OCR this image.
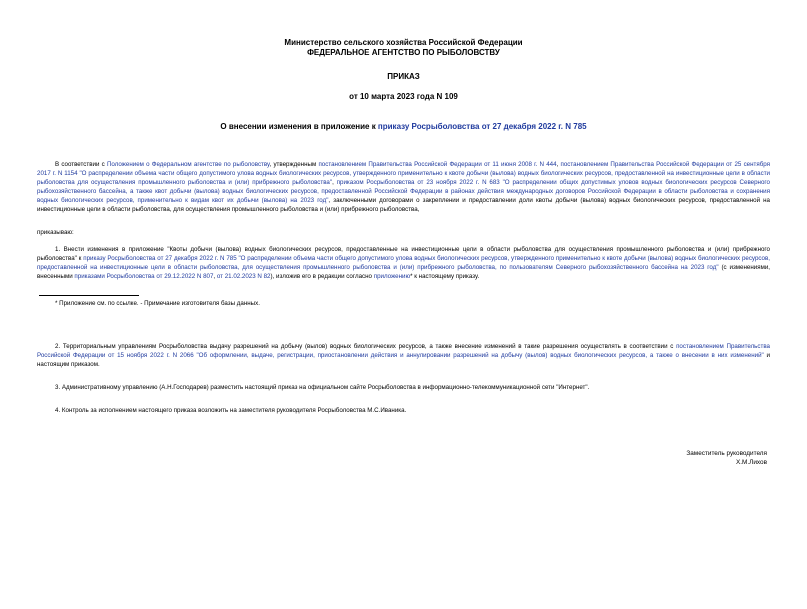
Министерство сельского хозяйства Российской Федерации
ФЕДЕРАЛЬНОЕ АГЕНТСТВО ПО РЫБОЛОВСТВУ
ПРИКАЗ
от 10 марта 2023 года N 109
О внесении изменения в приложение к приказу Росрыболовства от 27 декабря 2022 г. N 785

В соответствии с Положением о Федеральном агентстве по рыболовству, утвержденным постановлением Правительства Российской Федерации от 11 июня 2008 г. N 444, постановлением Правительства Российской Федерации от 25 сентября 2017 г. N 1154 "О распределении объема части общего допустимого улова водных биологических ресурсов, утвержденного применительно к квоте добычи (вылова) водных биологических ресурсов, предоставленной на инвестиционные цели в области рыболовства для осуществления промышленного рыболовства и (или) прибрежного рыболовства", приказом Росрыболовства от 23 ноября 2022 г. N 683 "О распределении общих допустимых уловов водных биологических ресурсов Северного рыбохозяйственного бассейна, а также квот добычи (вылова) водных биологических ресурсов, предоставленной Российской Федерации в районах действия международных договоров Российской Федерации в области рыболовства и сохранения водных биологических ресурсов, применительно к видам квот их добычи (вылова) на 2023 год", заключенными договорами о закреплении и предоставлении доли квоты добычи (вылова) водных биологических ресурсов, предоставленной на инвестиционные цели в области рыболовства, для осуществления промышленного рыболовства и (или) прибрежного рыболовства,

приказываю:

1. Внести изменения в приложение "Квоты добычи (вылова) водных биологических ресурсов, предоставленные на инвестиционные цели в области рыболовства для осуществления промышленного рыболовства и (или) прибрежного рыболовства" к приказу Росрыболовства от 27 декабря 2022 г. N 785 "О распределении объема части общего допустимого улова водных биологических ресурсов, утвержденного применительно к квоте добычи (вылова) водных биологических ресурсов, предоставленной на инвестиционные цели в области рыболовства, для осуществления промышленного рыболовства и (или) прибрежного рыболовства, по пользователям Северного рыбохозяйственного бассейна на 2023 год" (с изменениями, внесенными приказами Росрыболовства от 29.12.2022 N 807, от 21.02.2023 N 82), изложив его в редакции согласно приложению* к настоящему приказу.

* Приложение см. по ссылке. - Примечание изготовителя базы данных.

2. Территориальным управлениям Росрыболовства выдачу разрешений на добычу (вылов) водных биологических ресурсов, а также внесение изменений в такие разрешения осуществлять в соответствии с постановлением Правительства Российской Федерации от 15 ноября 2022 г. N 2066 "Об оформлении, выдаче, регистрации, приостановлении действия и аннулировании разрешений на добычу (вылов) водных биологических ресурсов, а также о внесении в них изменений" и настоящим приказом.

3. Административному управлению (А.Н.Господарев) разместить настоящий приказ на официальном сайте Росрыболовства в информационно-телекоммуникационной сети "Интернет".

4. Контроль за исполнением настоящего приказа возложить на заместителя руководителя Росрыболовства М.С.Иваника.

Заместитель руководителя
Х.М.Лихов
